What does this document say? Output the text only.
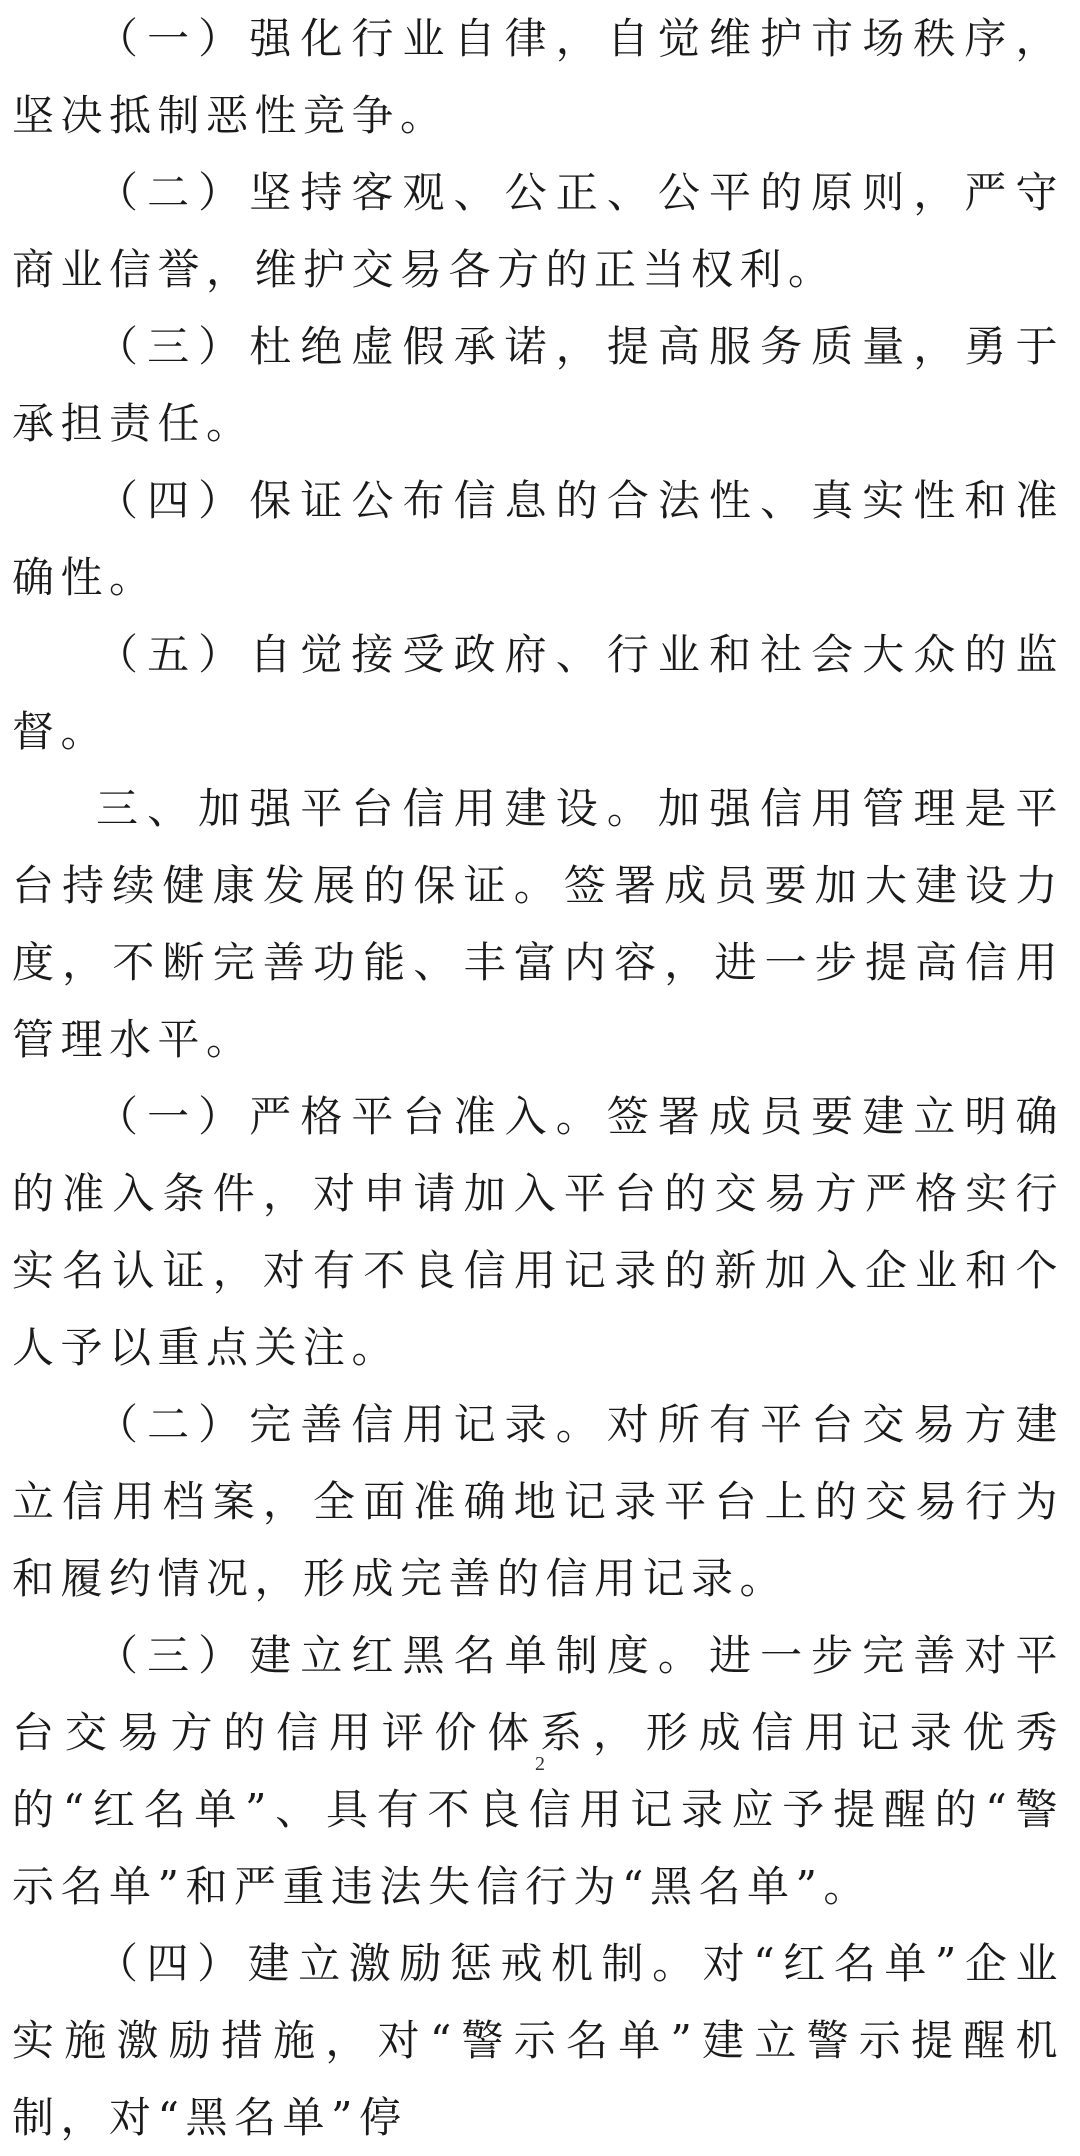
（一）强化行业自律，自觉维护市场秩序，坚决抵制恶性竞争。

（二）坚持客观、公正、公平的原则，严守商业信誉，维护交易各方的正当权利。

（三）杜绝虚假承诺，提高服务质量，勇于承担责任。

（四）保证公布信息的合法性、真实性和准确性。

（五）自觉接受政府、行业和社会大众的监督。

三、加强平台信用建设。加强信用管理是平台持续健康发展的保证。签署成员要加大建设力度，不断完善功能、丰富内容，进一步提高信用管理水平。

（一）严格平台准入。签署成员要建立明确的准入条件，对申请加入平台的交易方严格实行实名认证，对有不良信用记录的新加入企业和个人予以重点关注。

（二）完善信用记录。对所有平台交易方建立信用档案，全面准确地记录平台上的交易行为和履约情况，形成完善的信用记录。

（三）建立红黑名单制度。进一步完善对平台交易方的信用评价体系，形成信用记录优秀的“红名单”、具有不良信用记录应予提醒的“警示名单”和严重违法失信行为“黑名单”。

（四）建立激励惩戒机制。对“红名单”企业实施激励措施，对“警示名单”建立警示提醒机制，对“黑名单”停

2
